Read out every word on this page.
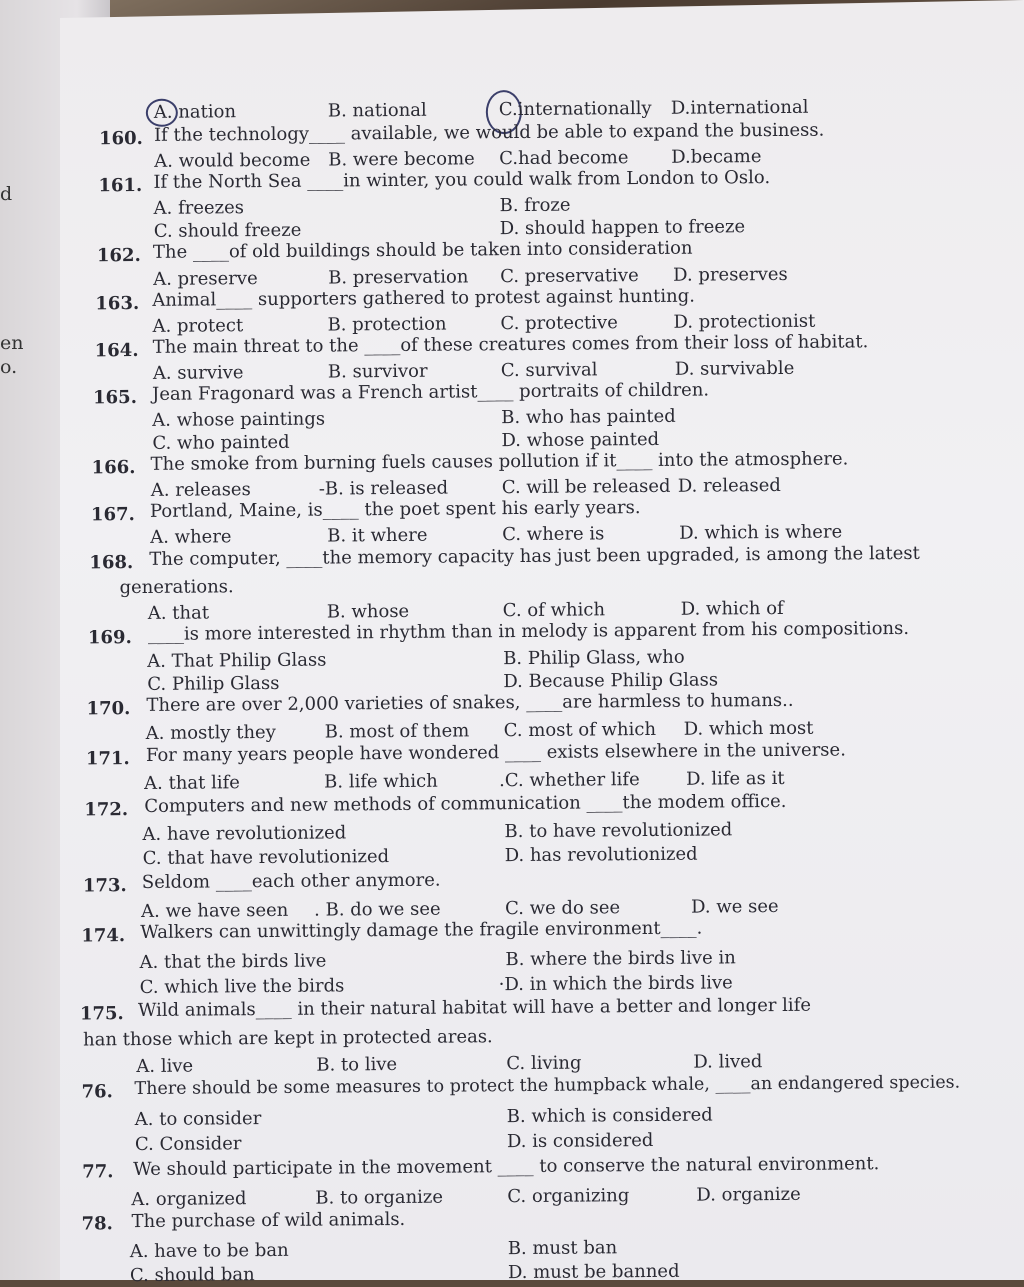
d
en
o.
A. nation	B. national	C.internationally D.international
160. If the technology____ available, we would be able to expand the business.
A. would become B. were become C.had become D.became
161. If the North Sea ____in winter, you could walk from London to Oslo.
A. freezes	B. froze
C. should freeze	D. should happen to freeze
162. The ____of old buildings should be taken into consideration
A. preserve	B. preservation C. preservative D. preserves
163. Animal____ supporters gathered to protest against hunting.
A. protect	B. protection	C. protective	D. protectionist
164. The main threat to the ____of these creatures comes from their loss of habitat.
A. survive	B. survivor	C. survival	D. survivable
165. Jean Fragonard was a French artist____ portraits of children.
A. whose paintings	B. who has painted
C. who painted	D. whose painted
166. The smoke from burning fuels causes pollution if it____ into the atmosphere.
A. releases	-B. is released	C. will be released D. released
167. Portland, Maine, is____ the poet spent his early years.
A. where	B. it where	C. where is	D. which is where
168. The computer, ____the memory capacity has just been upgraded, is among the latest
generations.
A. that	B. whose	C. of which	D. which of
169. ____is more interested in rhythm than in melody is apparent from his compositions.
A. That Philip Glass	B. Philip Glass, who
C. Philip Glass	D. Because Philip Glass
170. There are over 2,000 varieties of snakes, ____are harmless to humans..
A. mostly they	B. most of them C. most of which D. which most
171. For many years people have wondered ____ exists elsewhere in the universe.
A. that life	B. life which	.C. whether life	D. life as it
172. Computers and new methods of communication ____the modem office.
A. have revolutionized	B. to have revolutionized
C. that have revolutionized	D. has revolutionized
173. Seldom ____each other anymore.
A. we have seen . B. do we see	C. we do see	D. we see
174. Walkers can unwittingly damage the fragile environment____.
A. that the birds live	B. where the birds live in
C. which live the birds	·D. in which the birds live
175. Wild animals____ in their natural habitat will have a better and longer life
han those which are kept in protected areas.
A. live	B. to live	C. living	D. lived
76. There should be some measures to protect the humpback whale, ____an endangered species.
A. to consider	B. which is considered
C. Consider	D. is considered
77. We should participate in the movement ____ to conserve the natural environment.
A. organized	B. to organize	C. organizing	D. organize
78. The purchase of wild animals.
A. have to be ban	B. must ban
C. should ban	D. must be banned
